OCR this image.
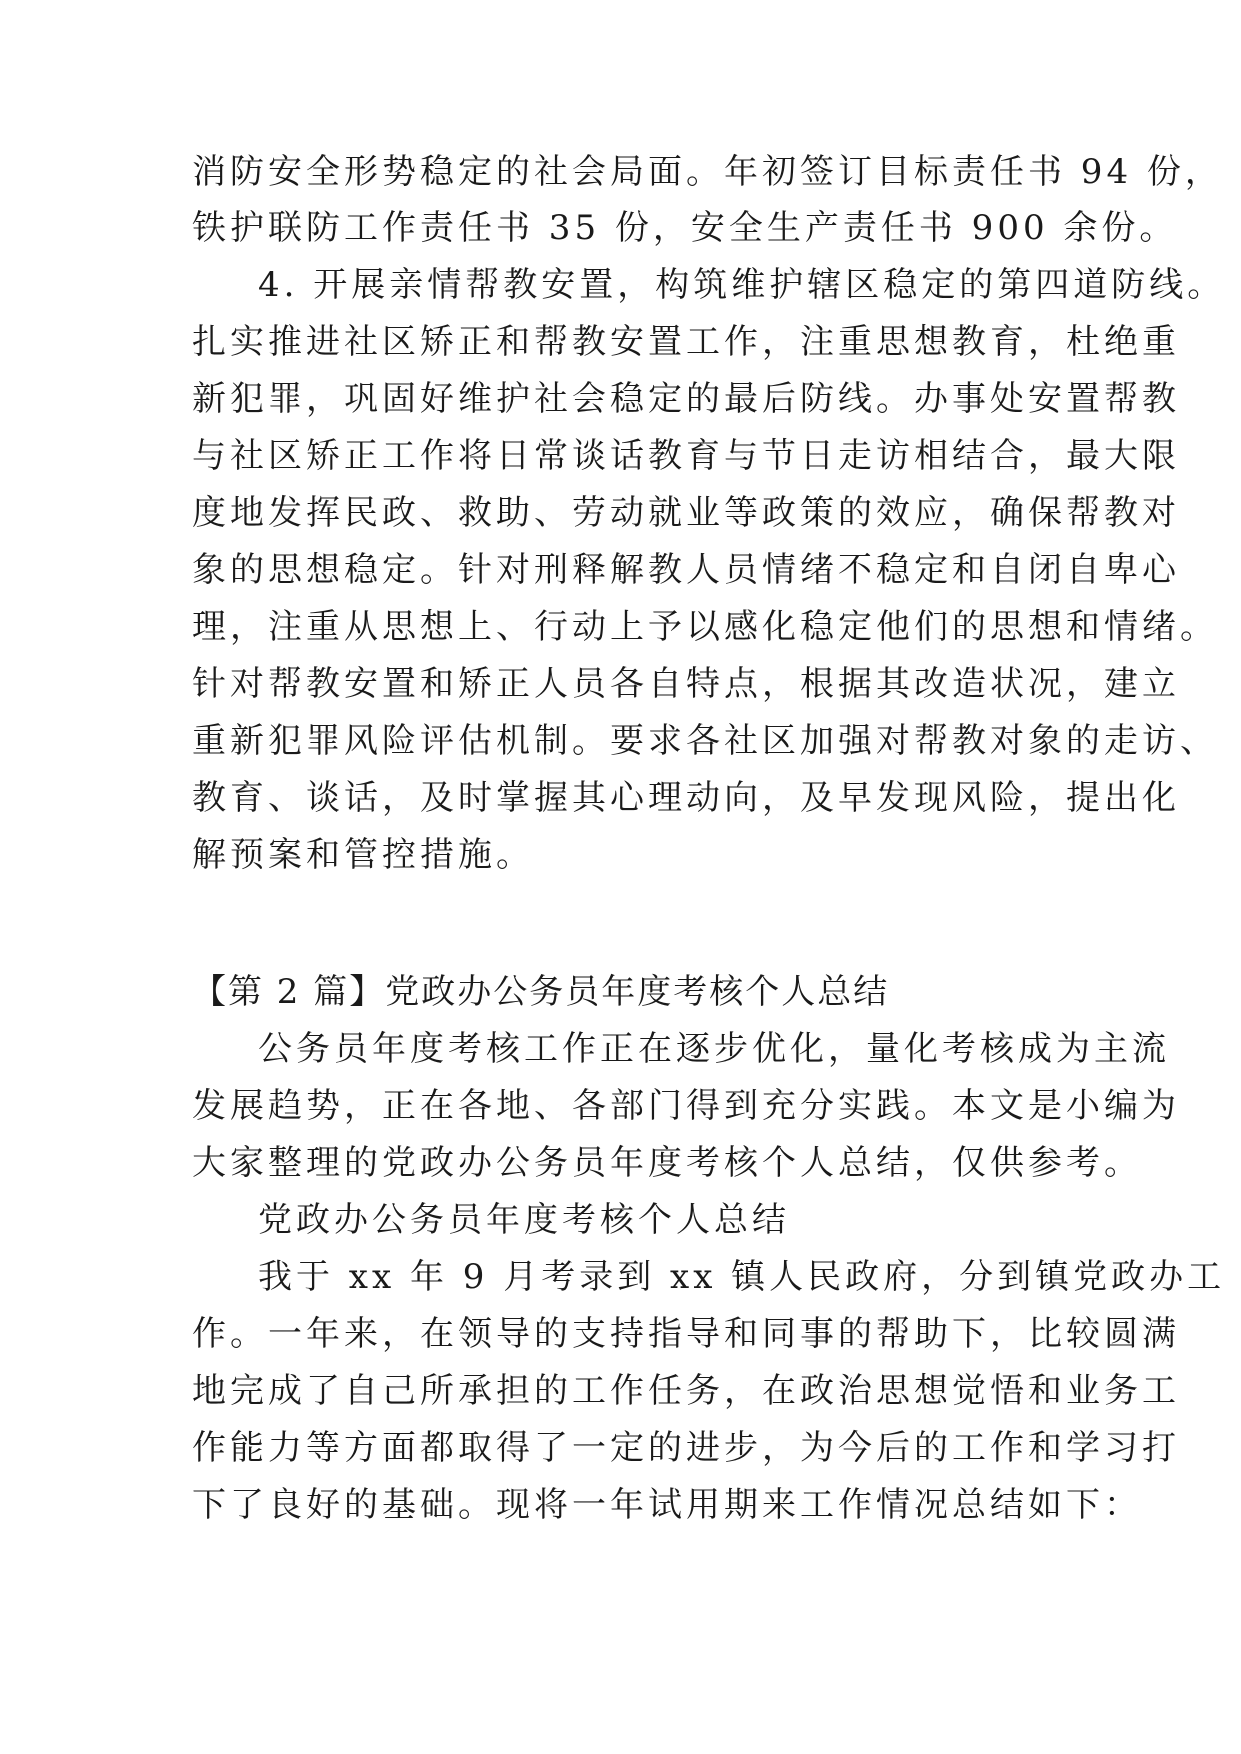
消防安全形势稳定的社会局面。年初签订目标责任书 94 份，
铁护联防工作责任书 35 份，安全生产责任书 900 余份。
4. 开展亲情帮教安置，构筑维护辖区稳定的第四道防线。
扎实推进社区矫正和帮教安置工作，注重思想教育，杜绝重
新犯罪，巩固好维护社会稳定的最后防线。办事处安置帮教
与社区矫正工作将日常谈话教育与节日走访相结合，最大限
度地发挥民政、救助、劳动就业等政策的效应，确保帮教对
象的思想稳定。针对刑释解教人员情绪不稳定和自闭自卑心
理，注重从思想上、行动上予以感化稳定他们的思想和情绪。
针对帮教安置和矫正人员各自特点，根据其改造状况，建立
重新犯罪风险评估机制。要求各社区加强对帮教对象的走访、
教育、谈话，及时掌握其心理动向，及早发现风险，提出化
解预案和管控措施。
【第 2 篇】党政办公务员年度考核个人总结
公务员年度考核工作正在逐步优化，量化考核成为主流
发展趋势，正在各地、各部门得到充分实践。本文是小编为
大家整理的党政办公务员年度考核个人总结，仅供参考。
党政办公务员年度考核个人总结
我于 xx 年 9 月考录到 xx 镇人民政府，分到镇党政办工
作。一年来，在领导的支持指导和同事的帮助下，比较圆满
地完成了自己所承担的工作任务，在政治思想觉悟和业务工
作能力等方面都取得了一定的进步，为今后的工作和学习打
下了良好的基础。现将一年试用期来工作情况总结如下：
